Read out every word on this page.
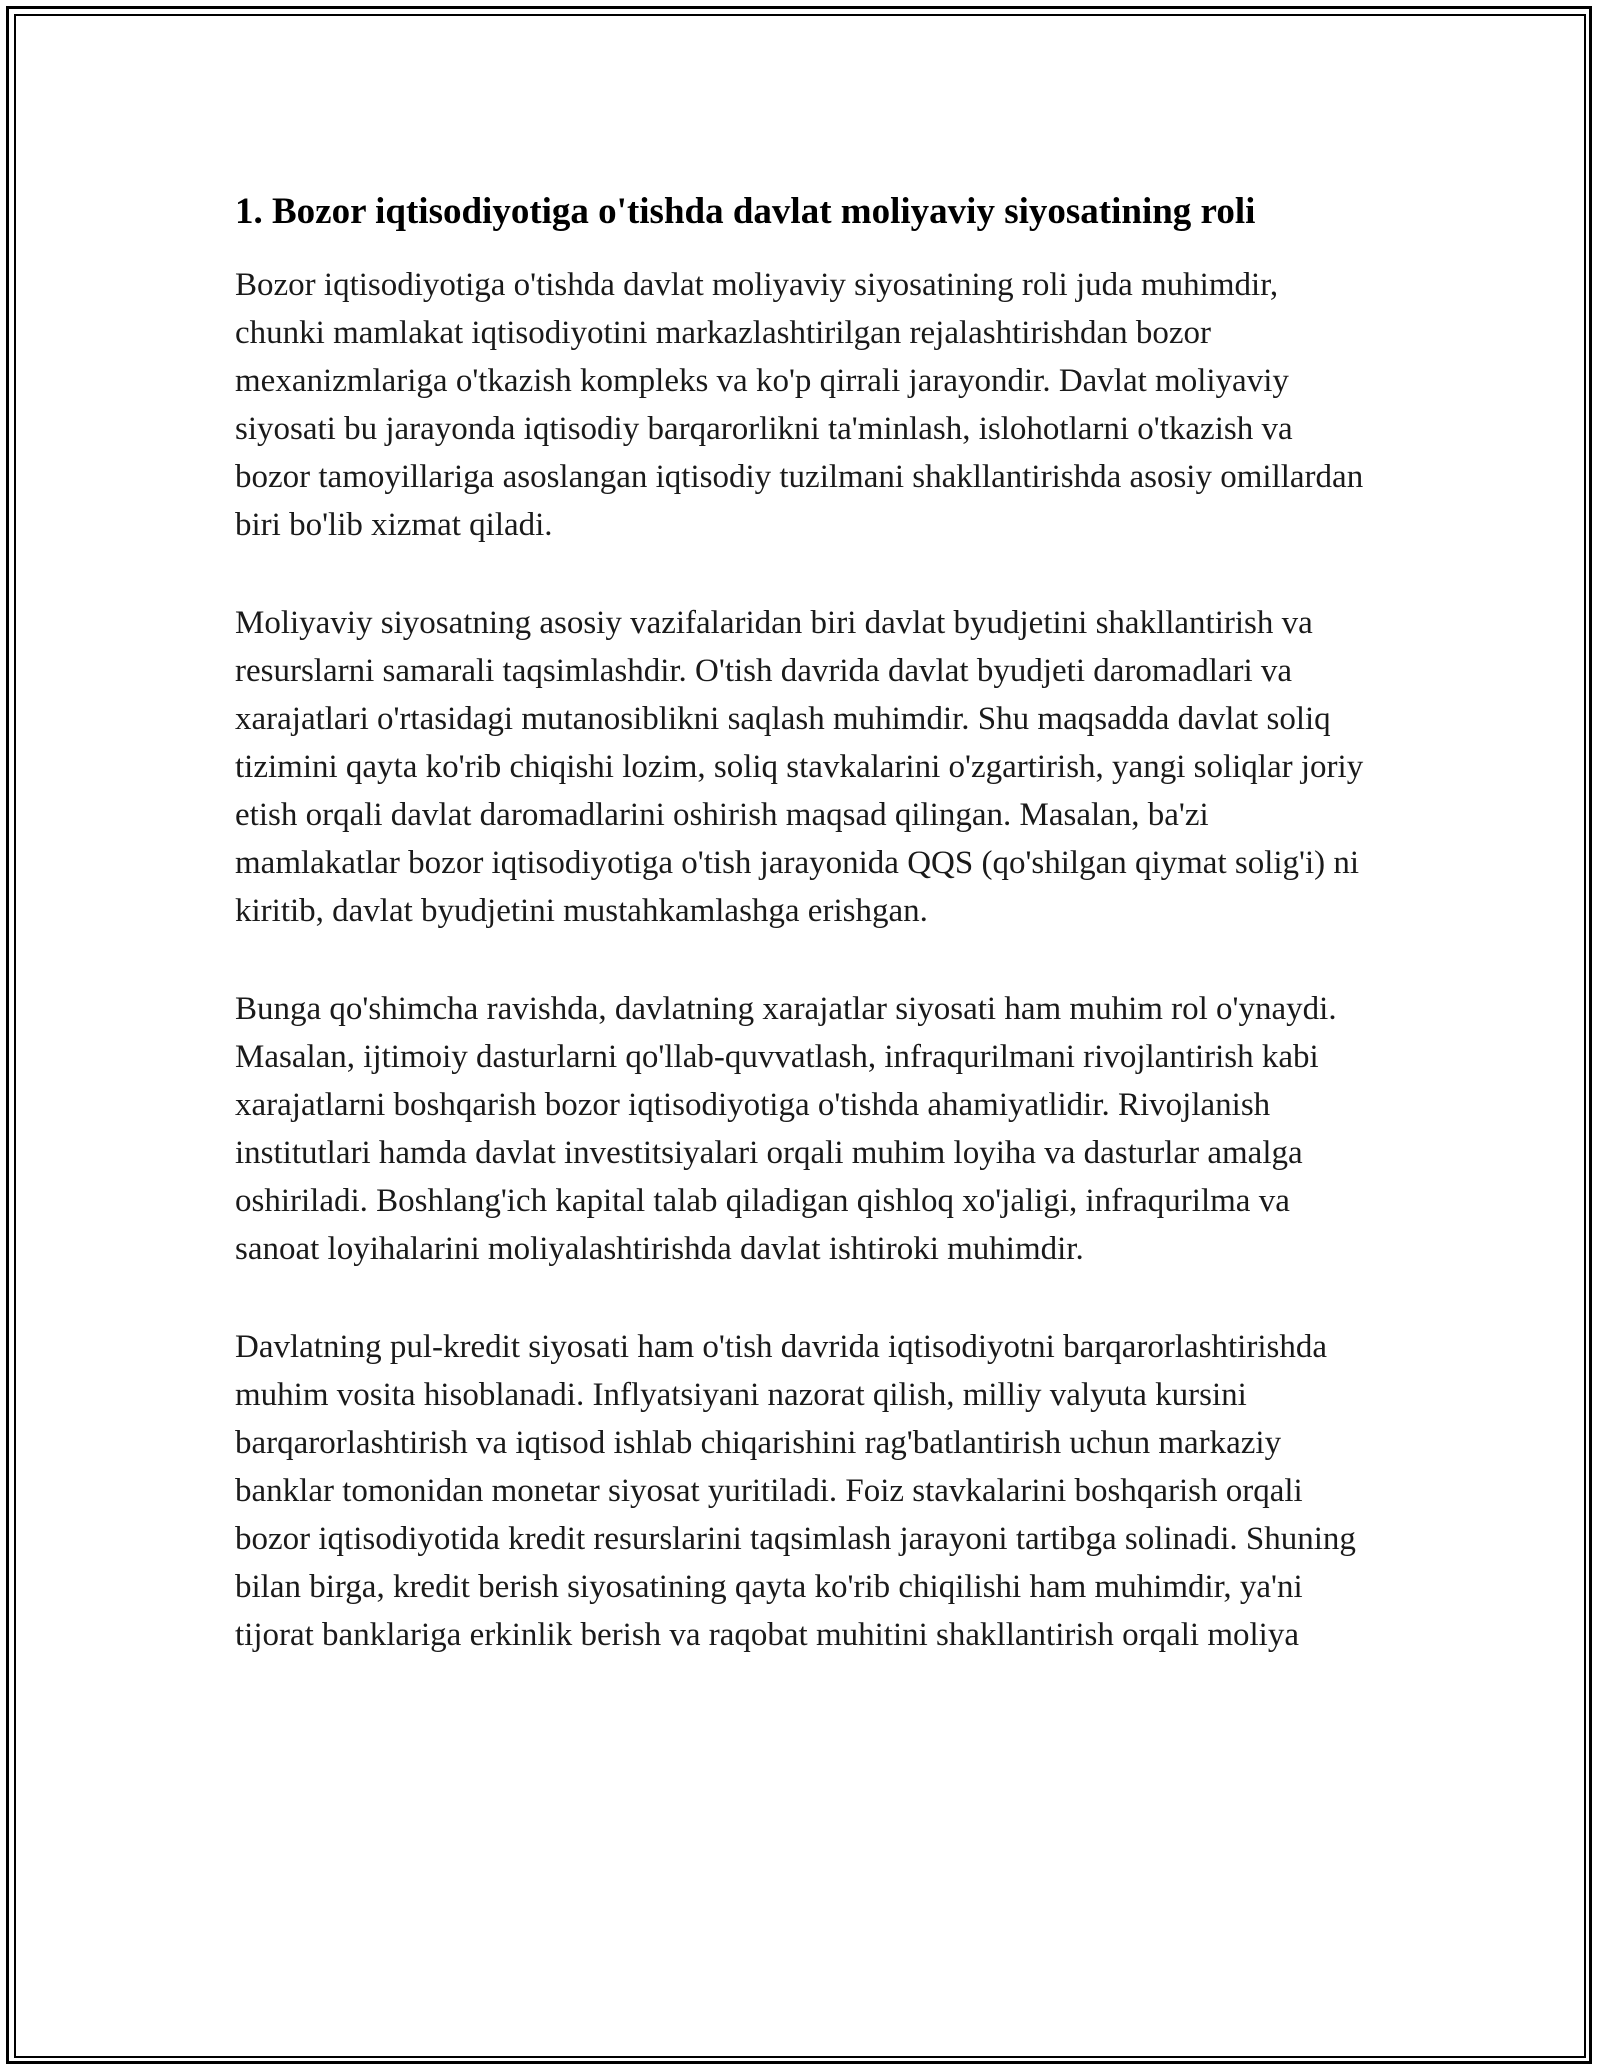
1. Bozor iqtisodiyotiga o'tishda davlat moliyaviy siyosatining roli

Bozor iqtisodiyotiga o'tishda davlat moliyaviy siyosatining roli juda muhimdir, chunki mamlakat iqtisodiyotini markazlashtirilgan rejalashtirishdan bozor mexanizmlariga o'tkazish kompleks va ko'p qirrali jarayondir. Davlat moliyaviy siyosati bu jarayonda iqtisodiy barqarorlikni ta'minlash, islohotlarni o'tkazish va bozor tamoyillariga asoslangan iqtisodiy tuzilmani shakllantirishda asosiy omillardan biri bo'lib xizmat qiladi.

Moliyaviy siyosatning asosiy vazifalaridan biri davlat byudjetini shakllantirish va resurslarni samarali taqsimlashdir. O'tish davrida davlat byudjeti daromadlari va xarajatlari o'rtasidagi mutanosiblikni saqlash muhimdir. Shu maqsadda davlat soliq tizimini qayta ko'rib chiqishi lozim, soliq stavkalarini o'zgartirish, yangi soliqlar joriy etish orqali davlat daromadlarini oshirish maqsad qilingan. Masalan, ba'zi mamlakatlar bozor iqtisodiyotiga o'tish jarayonida QQS (qo'shilgan qiymat solig'i) ni kiritib, davlat byudjetini mustahkamlashga erishgan.

Bunga qo'shimcha ravishda, davlatning xarajatlar siyosati ham muhim rol o'ynaydi. Masalan, ijtimoiy dasturlarni qo'llab-quvvatlash, infraqurilmani rivojlantirish kabi xarajatlarni boshqarish bozor iqtisodiyotiga o'tishda ahamiyatlidir. Rivojlanish institutlari hamda davlat investitsiyalari orqali muhim loyiha va dasturlar amalga oshiriladi. Boshlang'ich kapital talab qiladigan qishloq xo'jaligi, infraqurilma va sanoat loyihalarini moliyalashtirishda davlat ishtiroki muhimdir.

Davlatning pul-kredit siyosati ham o'tish davrida iqtisodiyotni barqarorlashtirishda muhim vosita hisoblanadi. Inflyatsiyani nazorat qilish, milliy valyuta kursini barqarorlashtirish va iqtisod ishlab chiqarishini rag'batlantirish uchun markaziy banklar tomonidan monetar siyosat yuritiladi. Foiz stavkalarini boshqarish orqali bozor iqtisodiyotida kredit resurslarini taqsimlash jarayoni tartibga solinadi. Shuning bilan birga, kredit berish siyosatining qayta ko'rib chiqilishi ham muhimdir, ya'ni tijorat banklariga erkinlik berish va raqobat muhitini shakllantirish orqali moliya
